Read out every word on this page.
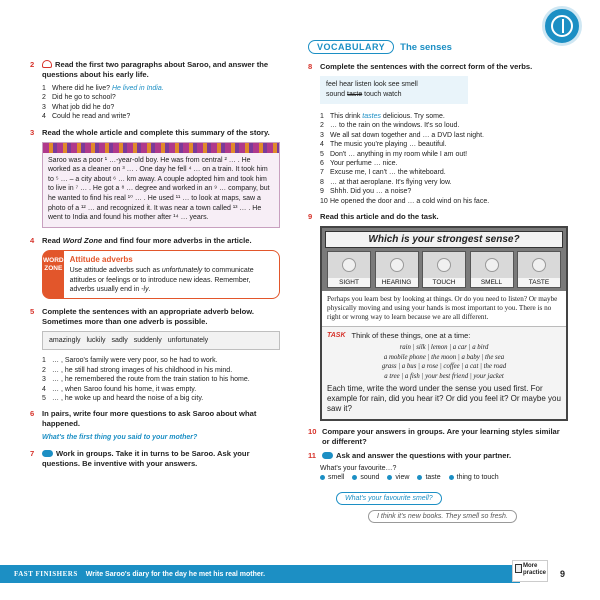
2	Read the first two paragraphs about Saroo, and answer the questions about his early life.
1 Where did he live? He lived in India.
2 Did he go to school?
3 What job did he do?
4 Could he read and write?
3	Read the whole article and complete this summary of the story.
Saroo was a poor ¹ …-year-old boy. He was from central ² … . He worked as a cleaner on ³ … . One day he fell ⁴ … on a train. It took him to ⁵ … – a city about ⁶ … km away. A couple adopted him and took him to live in ⁷ … . He got a ⁸ … degree and worked in an ⁹ … company, but he wanted to find his real ¹⁰ … . He used ¹¹ … to look at maps, saw a photo of a ¹² … and recognized it. It was near a town called ¹³ … . He went to India and found his mother after ¹⁴ … years.
4	Read Word Zone and find four more adverbs in the article.
WORD
ZONE
Attitude adverbs
Use attitude adverbs such as unfortunately to communicate attitudes or feelings or to introduce new ideas. Remember, adverbs usually end in -ly.
5	Complete the sentences with an appropriate adverb below. Sometimes more than one adverb is possible.
amazingly luckily sadly suddenly unfortunately
1 … , Saroo's family were very poor, so he had to work.
2 … , he still had strong images of his childhood in his mind.
3 … , he remembered the route from the train station to his home.
4 … , when Saroo found his home, it was empty.
5 … , he woke up and heard the noise of a big city.
6	In pairs, write four more questions to ask Saroo about what happened.
What's the first thing you said to your mother?
7	Work in groups. Take it in turns to be Saroo. Ask your questions. Be inventive with your answers.
VOCABULARY	The senses
8	Complete the sentences with the correct form of the verbs.
feel hear listen look see smell
sound taste touch watch
1 This drink tastes delicious. Try some.
2 … to the rain on the windows. It's so loud.
3 We all sat down together and … a DVD last night.
4 The music you're playing … beautiful.
5 Don't … anything in my room while I am out!
6 Your perfume … nice.
7 Excuse me, I can't … the whiteboard.
8 … at that aeroplane. It's flying very low.
9 Shhh. Did you … a noise?
10 He opened the door and … a cold wind on his face.
9	Read this article and do the task.
Which is your strongest sense?
SIGHT	HEARING	TOUCH	SMELL	TASTE
Perhaps you learn best by looking at things. Or do you need to listen? Or maybe physically moving and using your hands is most important to you. There is no right or wrong way to learn because we are all different.
TASK Think of these things, one at a time:
rain | silk | lemon | a car | a bird
a mobile phone | the moon | a baby | the sea
grass | a bus | a rose | coffee | a cat | the road
a tree | a fish | your best friend | your jacket
Each time, write the word under the sense you used first. For example for rain, did you hear it? Or did you feel it? Or maybe you saw it?
10 Compare your answers in groups. Are your learning styles similar or different?
11	Ask and answer the questions with your partner.
What's your favourite…?
smell sound view taste thing to touch
What's your favourite smell?
I think it's new books. They smell so fresh.
FAST FINISHERS Write Saroo's diary for the day he met his real mother.
More
practice 9
